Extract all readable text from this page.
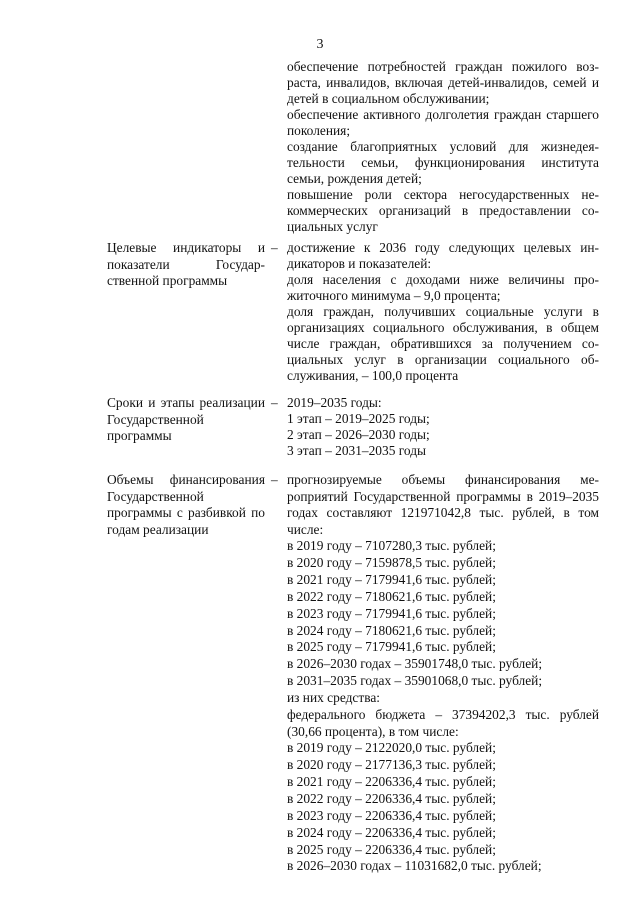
3

обеспечение потребностей граждан пожилого возраста, инвалидов, включая детей-инвалидов, семей и детей в социальном обслуживании;

обеспечение активного долголетия граждан старшего поколения;

создание благоприятных условий для жизнедеятельности семьи, функционирования института семьи, рождения детей;

повышение роли сектора негосударственных некоммерческих организаций в предоставлении социальных услуг

Целевые индикаторы и показатели Государственной программы
– достижение к 2036 году следующих целевых индикаторов и показателей:

доля населения с доходами ниже величины прожиточного минимума – 9,0 процента;

доля граждан, получивших социальные услуги в организациях социального обслуживания, в общем числе граждан, обратившихся за получением социальных услуг в организации социального обслуживания, – 100,0 процента

Сроки и этапы реализации Государственной программы
– 2019–2035 годы:

1 этап – 2019–2025 годы;

2 этап – 2026–2030 годы;

3 этап – 2031–2035 годы

Объемы финансирования Государственной программы с разбивкой по годам реализации
– прогнозируемые объемы финансирования мероприятий Государственной программы в 2019–2035 годах составляют 121971042,8 тыс. рублей, в том числе:

в 2019 году – 7107280,3 тыс. рублей;

в 2020 году – 7159878,5 тыс. рублей;

в 2021 году – 7179941,6 тыс. рублей;

в 2022 году – 7180621,6 тыс. рублей;

в 2023 году – 7179941,6 тыс. рублей;

в 2024 году – 7180621,6 тыс. рублей;

в 2025 году – 7179941,6 тыс. рублей;

в 2026–2030 годах – 35901748,0 тыс. рублей;

в 2031–2035 годах – 35901068,0 тыс. рублей;

из них средства:

федерального бюджета – 37394202,3 тыс. рублей (30,66 процента), в том числе:

в 2019 году – 2122020,0 тыс. рублей;

в 2020 году – 2177136,3 тыс. рублей;

в 2021 году – 2206336,4 тыс. рублей;

в 2022 году – 2206336,4 тыс. рублей;

в 2023 году – 2206336,4 тыс. рублей;

в 2024 году – 2206336,4 тыс. рублей;

в 2025 году – 2206336,4 тыс. рублей;

в 2026–2030 годах – 11031682,0 тыс. рублей;
